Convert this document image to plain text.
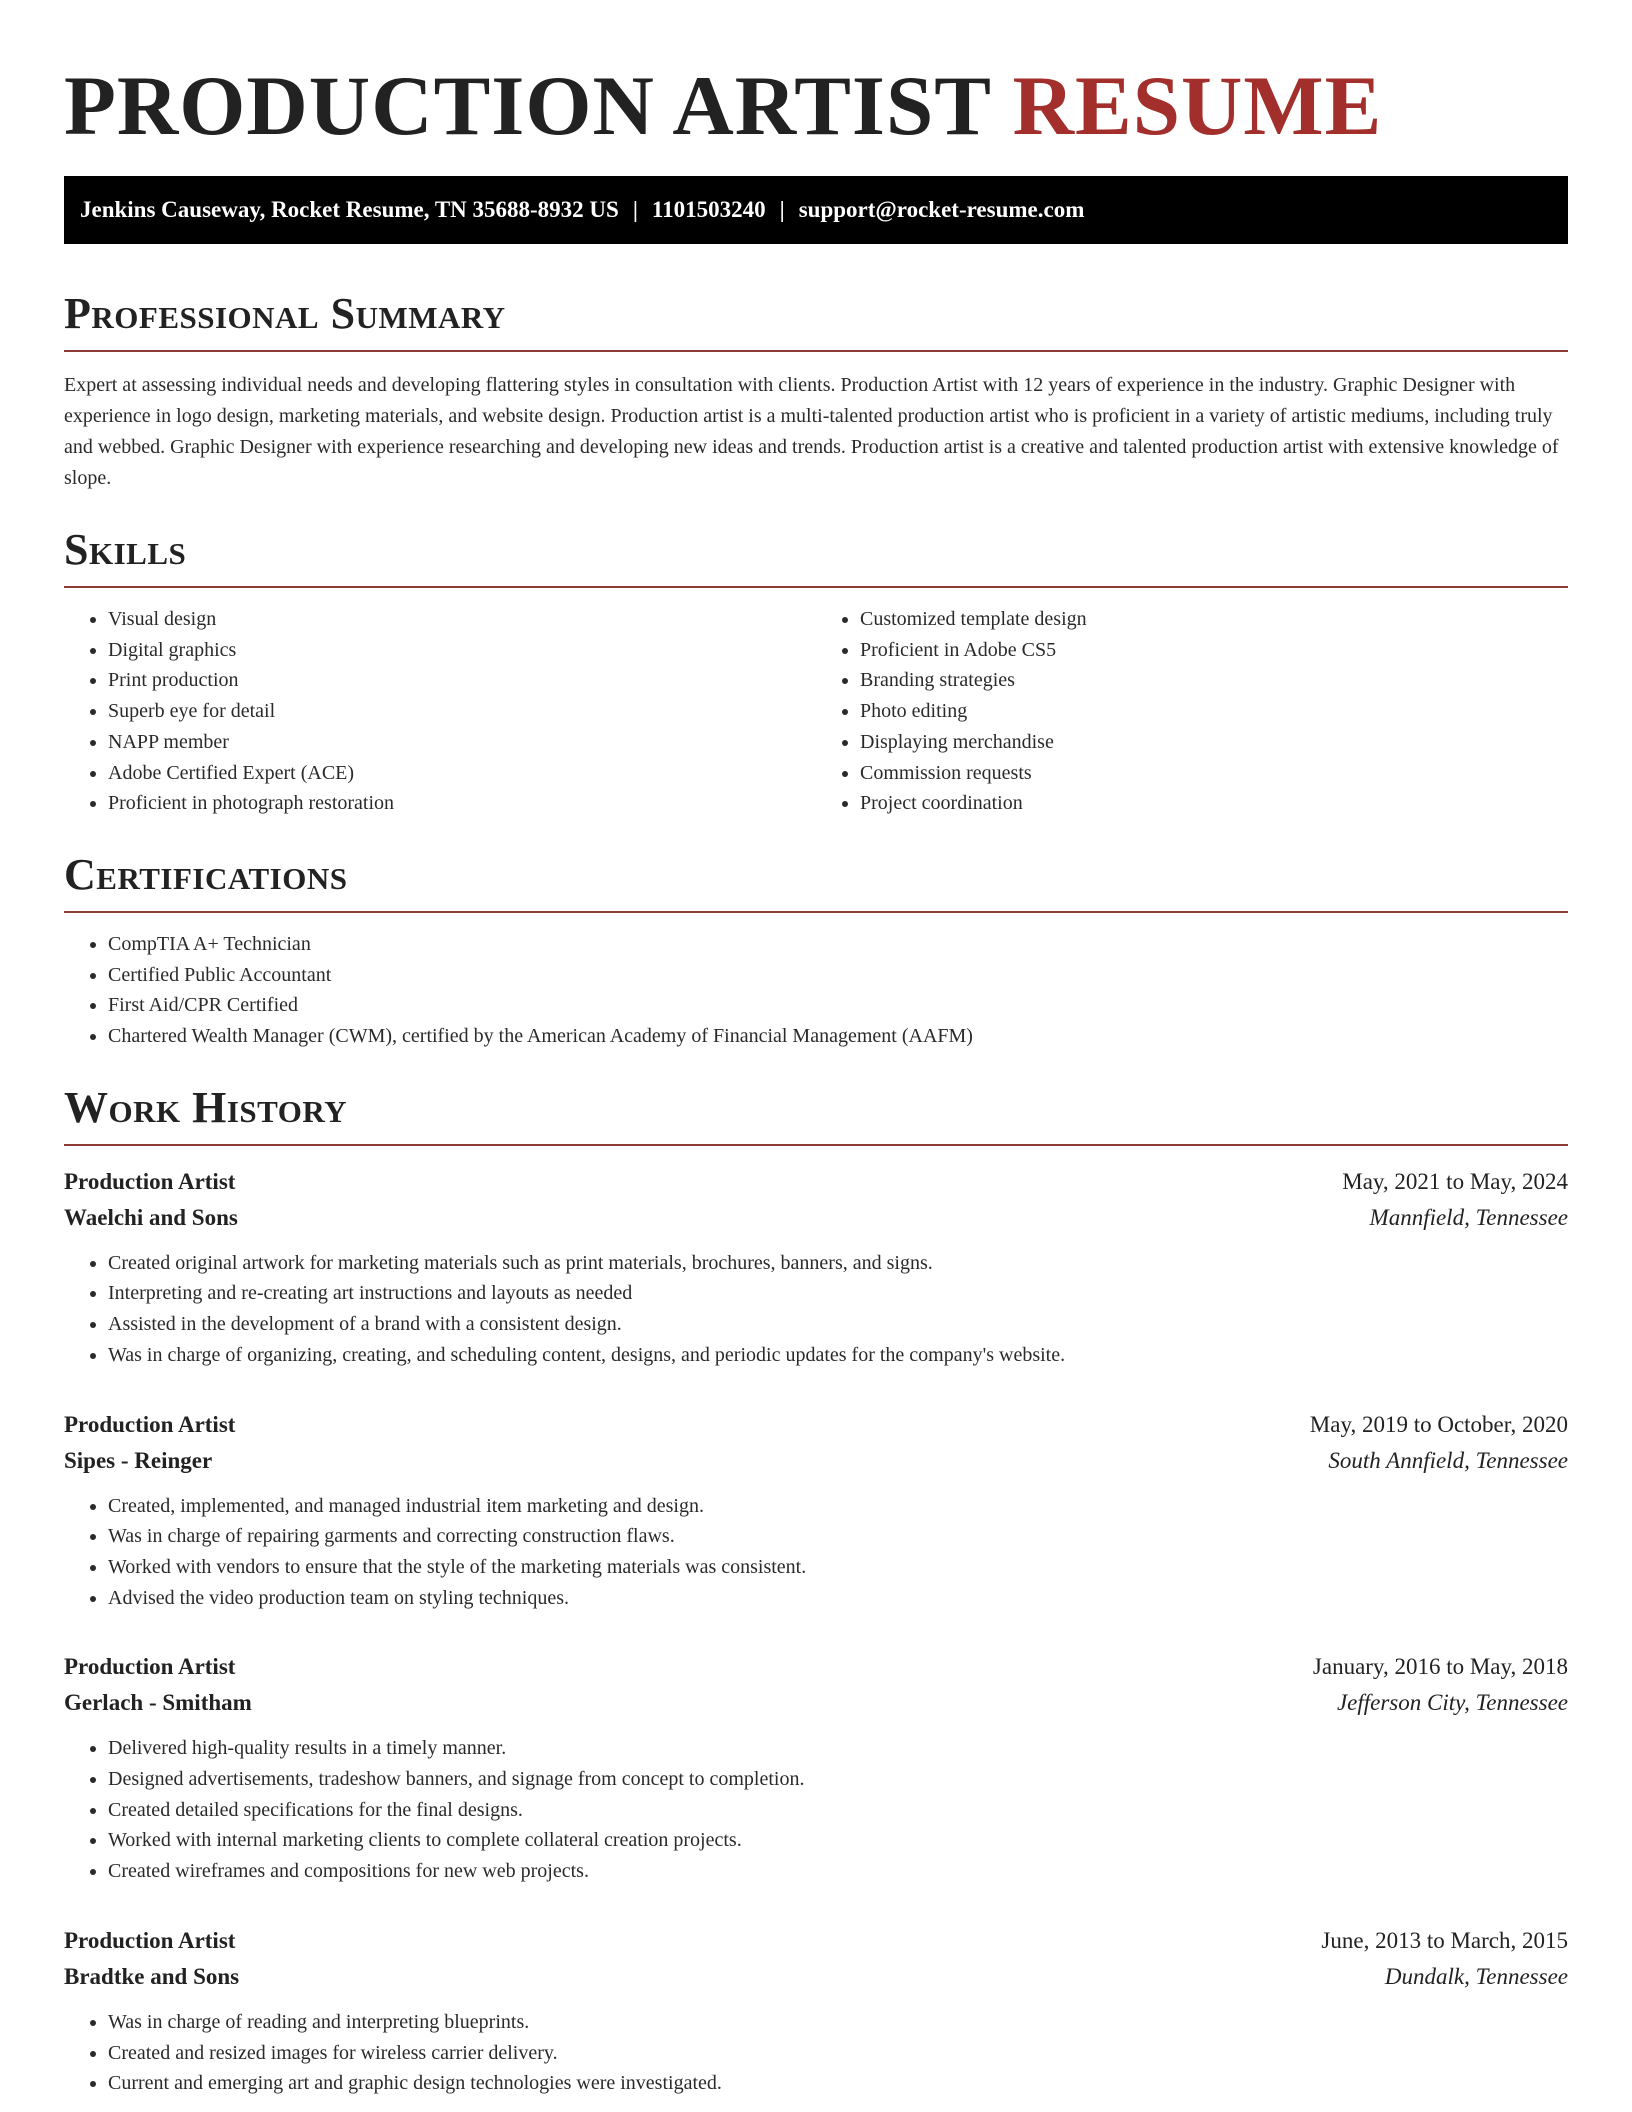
PRODUCTION ARTIST RESUME
Jenkins Causeway, Rocket Resume, TN 35688-8932 US | 1101503240 | support@rocket-resume.com
Professional Summary

Expert at assessing individual needs and developing flattering styles in consultation with clients. Production Artist with 12 years of experience in the industry. Graphic Designer with experience in logo design, marketing materials, and website design. Production artist is a multi-talented production artist who is proficient in a variety of artistic mediums, including truly and webbed. Graphic Designer with experience researching and developing new ideas and trends. Production artist is a creative and talented production artist with extensive knowledge of slope.

Skills
• Visual design
• Digital graphics
• Print production
• Superb eye for detail
• NAPP member
• Adobe Certified Expert (ACE)
• Proficient in photograph restoration
• Customized template design
• Proficient in Adobe CS5
• Branding strategies
• Photo editing
• Displaying merchandise
• Commission requests
• Project coordination
Certifications
• CompTIA A+ Technician
• Certified Public Accountant
• First Aid/CPR Certified
• Chartered Wealth Manager (CWM), certified by the American Academy of Financial Management (AAFM)
Work History
Production Artist	May, 2021 to May, 2024
Waelchi and Sons	Mannfield, Tennessee
• Created original artwork for marketing materials such as print materials, brochures, banners, and signs.
• Interpreting and re-creating art instructions and layouts as needed
• Assisted in the development of a brand with a consistent design.
• Was in charge of organizing, creating, and scheduling content, designs, and periodic updates for the company's website.
Production Artist	May, 2019 to October, 2020
Sipes - Reinger	South Annfield, Tennessee
• Created, implemented, and managed industrial item marketing and design.
• Was in charge of repairing garments and correcting construction flaws.
• Worked with vendors to ensure that the style of the marketing materials was consistent.
• Advised the video production team on styling techniques.
Production Artist	January, 2016 to May, 2018
Gerlach - Smitham	Jefferson City, Tennessee
• Delivered high-quality results in a timely manner.
• Designed advertisements, tradeshow banners, and signage from concept to completion.
• Created detailed specifications for the final designs.
• Worked with internal marketing clients to complete collateral creation projects.
• Created wireframes and compositions for new web projects.
Production Artist	June, 2013 to March, 2015
Bradtke and Sons	Dundalk, Tennessee
• Was in charge of reading and interpreting blueprints.
• Created and resized images for wireless carrier delivery.
• Current and emerging art and graphic design technologies were investigated.
